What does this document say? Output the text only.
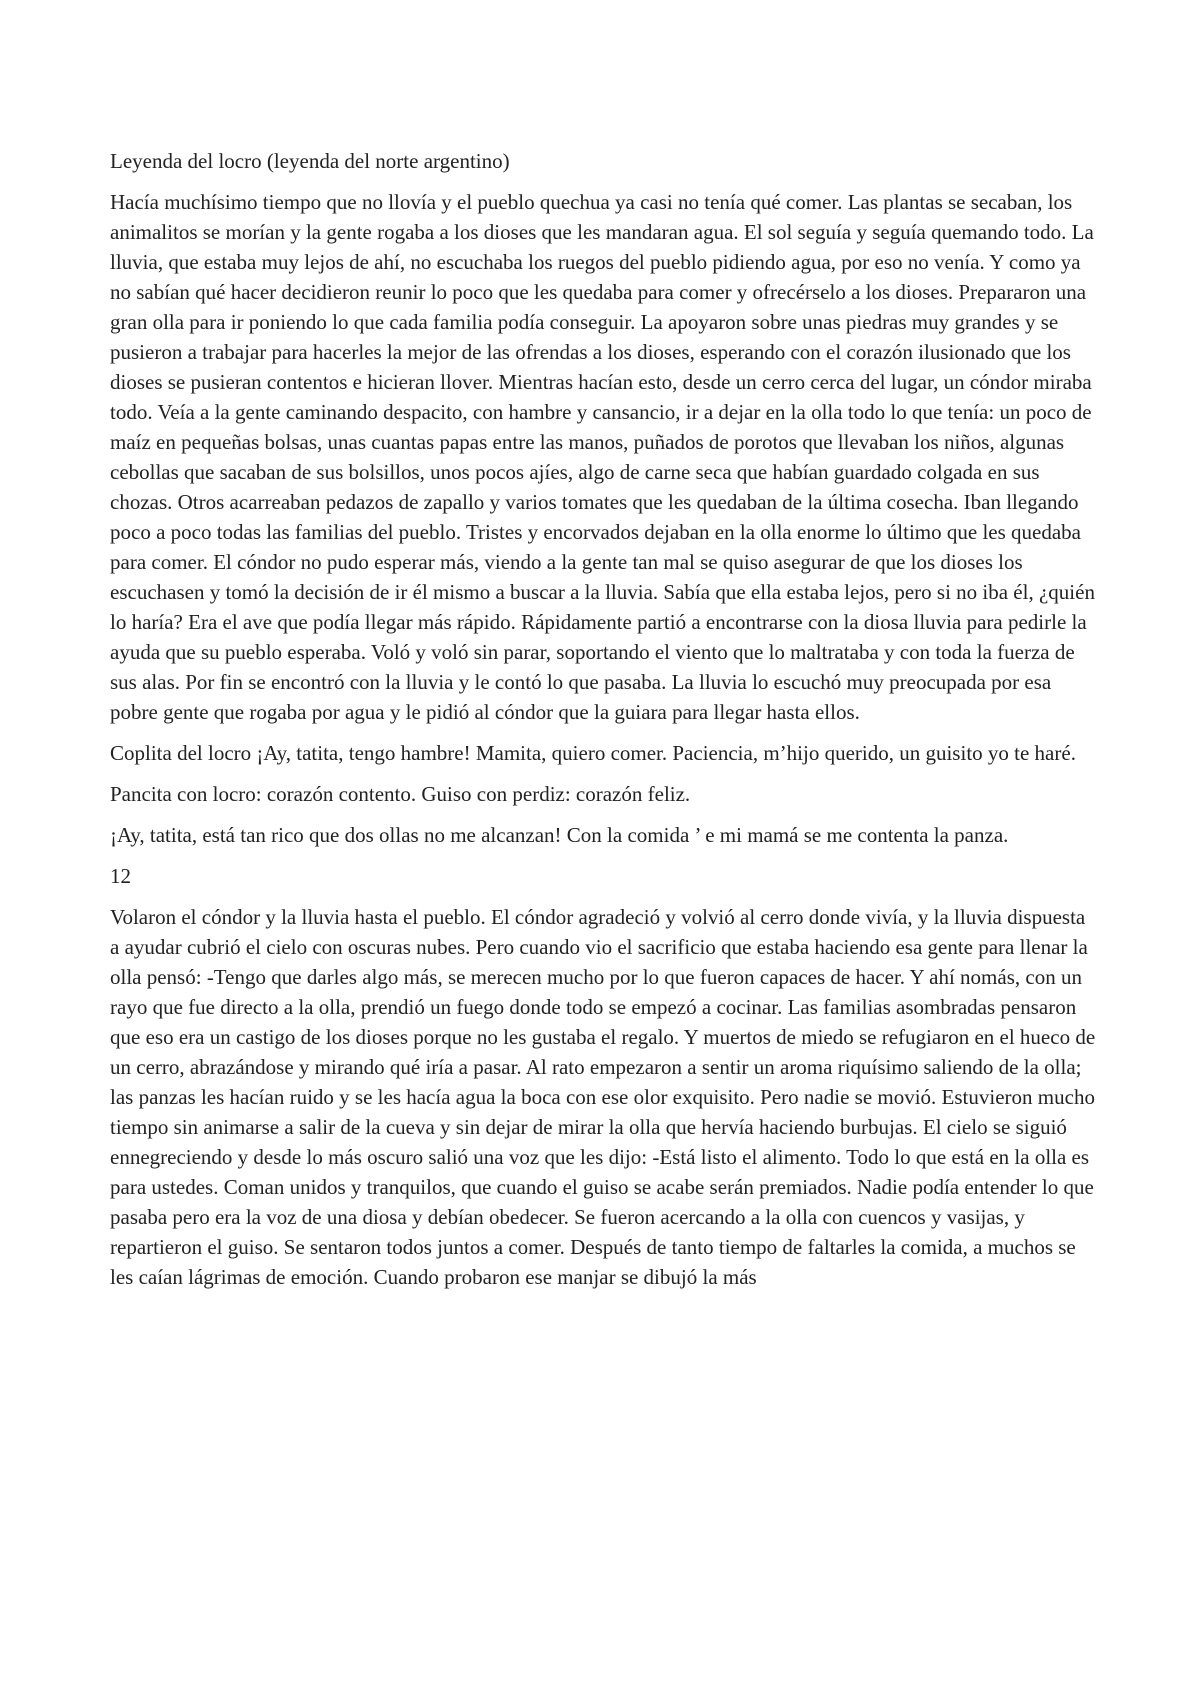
Leyenda del locro (leyenda del norte argentino)

Hacía muchísimo tiempo que no llovía y el pueblo quechua ya casi no tenía qué comer. Las plantas se secaban, los animalitos se morían y la gente rogaba a los dioses que les mandaran agua. El sol seguía y seguía quemando todo. La lluvia, que estaba muy lejos de ahí, no escuchaba los ruegos del pueblo pidiendo agua, por eso no venía. Y como ya no sabían qué hacer decidieron reunir lo poco que les quedaba para comer y ofrecérselo a los dioses. Prepararon una gran olla para ir poniendo lo que cada familia podía conseguir. La apoyaron sobre unas piedras muy grandes y se pusieron a trabajar para hacerles la mejor de las ofrendas a los dioses, esperando con el corazón ilusionado que los dioses se pusieran contentos e hicieran llover. Mientras hacían esto, desde un cerro cerca del lugar, un cóndor miraba todo. Veía a la gente caminando despacito, con hambre y cansancio, ir a dejar en la olla todo lo que tenía: un poco de maíz en pequeñas bolsas, unas cuantas papas entre las manos, puñados de porotos que llevaban los niños, algunas cebollas que sacaban de sus bolsillos, unos pocos ajíes, algo de carne seca que habían guardado colgada en sus chozas. Otros acarreaban pedazos de zapallo y varios tomates que les quedaban de la última cosecha. Iban llegando poco a poco todas las familias del pueblo. Tristes y encorvados dejaban en la olla enorme lo último que les quedaba para comer. El cóndor no pudo esperar más, viendo a la gente tan mal se quiso asegurar de que los dioses los escuchasen y tomó la decisión de ir él mismo a buscar a la lluvia. Sabía que ella estaba lejos, pero si no iba él, ¿quién lo haría? Era el ave que podía llegar más rápido. Rápidamente partió a encontrarse con la diosa lluvia para pedirle la ayuda que su pueblo esperaba. Voló y voló sin parar, soportando el viento que lo maltrataba y con toda la fuerza de sus alas. Por fin se encontró con la lluvia y le contó lo que pasaba. La lluvia lo escuchó muy preocupada por esa pobre gente que rogaba por agua y le pidió al cóndor que la guiara para llegar hasta ellos.

Coplita del locro ¡Ay, tatita, tengo hambre! Mamita, quiero comer. Paciencia, m’hijo querido, un guisito yo te haré.

Pancita con locro: corazón contento. Guiso con perdiz: corazón feliz.

¡Ay, tatita, está tan rico que dos ollas no me alcanzan! Con la comida ’ e mi mamá se me contenta la panza.

12

Volaron el cóndor y la lluvia hasta el pueblo. El cóndor agradeció y volvió al cerro donde vivía, y la lluvia dispuesta a ayudar cubrió el cielo con oscuras nubes. Pero cuando vio el sacrificio que estaba haciendo esa gente para llenar la olla pensó: -Tengo que darles algo más, se merecen mucho por lo que fueron capaces de hacer. Y ahí nomás, con un rayo que fue directo a la olla, prendió un fuego donde todo se empezó a cocinar. Las familias asombradas pensaron que eso era un castigo de los dioses porque no les gustaba el regalo. Y muertos de miedo se refugiaron en el hueco de un cerro, abrazándose y mirando qué iría a pasar. Al rato empezaron a sentir un aroma riquísimo saliendo de la olla; las panzas les hacían ruido y se les hacía agua la boca con ese olor exquisito. Pero nadie se movió. Estuvieron mucho tiempo sin animarse a salir de la cueva y sin dejar de mirar la olla que hervía haciendo burbujas. El cielo se siguió ennegreciendo y desde lo más oscuro salió una voz que les dijo: -Está listo el alimento. Todo lo que está en la olla es para ustedes. Coman unidos y tranquilos, que cuando el guiso se acabe serán premiados. Nadie podía entender lo que pasaba pero era la voz de una diosa y debían obedecer. Se fueron acercando a la olla con cuencos y vasijas, y repartieron el guiso. Se sentaron todos juntos a comer. Después de tanto tiempo de faltarles la comida, a muchos se les caían lágrimas de emoción. Cuando probaron ese manjar se dibujó la más
